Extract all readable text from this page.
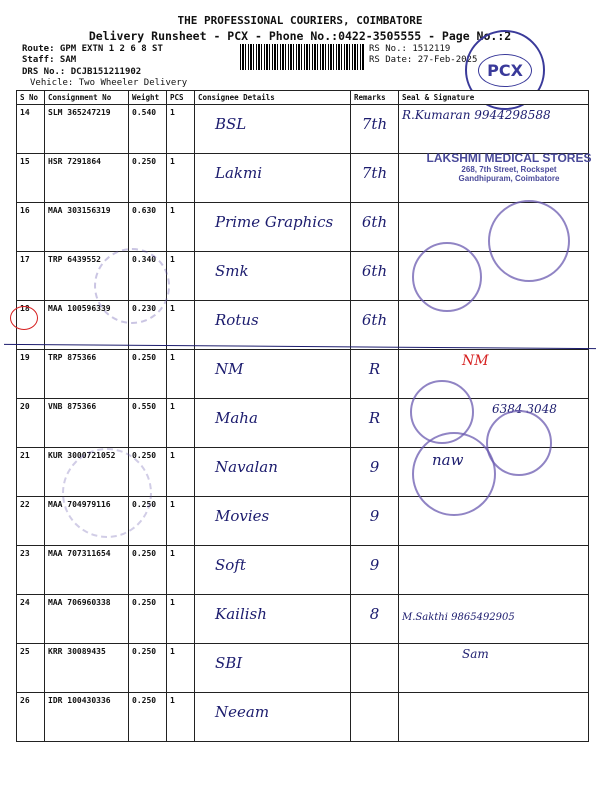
THE PROFESSIONAL COURIERS, COIMBATORE
Delivery Runsheet - PCX - Phone No.:0422-3505555 - Page No.:2
Route: GPM EXTN 1 2 6 8 ST
Staff: SAM
DRS No.: DCJB151211902
Vehicle: Two Wheeler Delivery
RS No.: 1512119
RS Date: 27-Feb-2025
PCX
S No	Consignment No	Weight	PCS	Consignee Details	Remarks	Seal & Signature
14	SLM 365247219	0.540	1	BSL	7th	R.Kumaran 9944298588
15	HSR 7291864	0.250	1	Lakmi	7th	
16	MAA 303156319	0.630	1	Prime Graphics	6th	
17	TRP 6439552	0.340	1	Smk	6th	
18	MAA 100596339	0.230	1	Rotus	6th	
19	TRP 875366	0.250	1	NM	R	NM
20	VNB 875366	0.550	1	Maha	R	6384 3048
21	KUR 3000721052	0.250	1	Navalan	9	naw
22	MAA 704979116	0.250	1	Movies	9	
23	MAA 707311654	0.250	1	Soft	9	
24	MAA 706960338	0.250	1	Kailish	8	M.Sakthi 9865492905
25	KRR 30089435	0.250	1	SBI		Sam
26	IDR 100430336	0.250	1	Neeam		
LAKSHMI MEDICAL STORES
268, 7th Street, Rockspet
Gandhipuram, Coimbatore
